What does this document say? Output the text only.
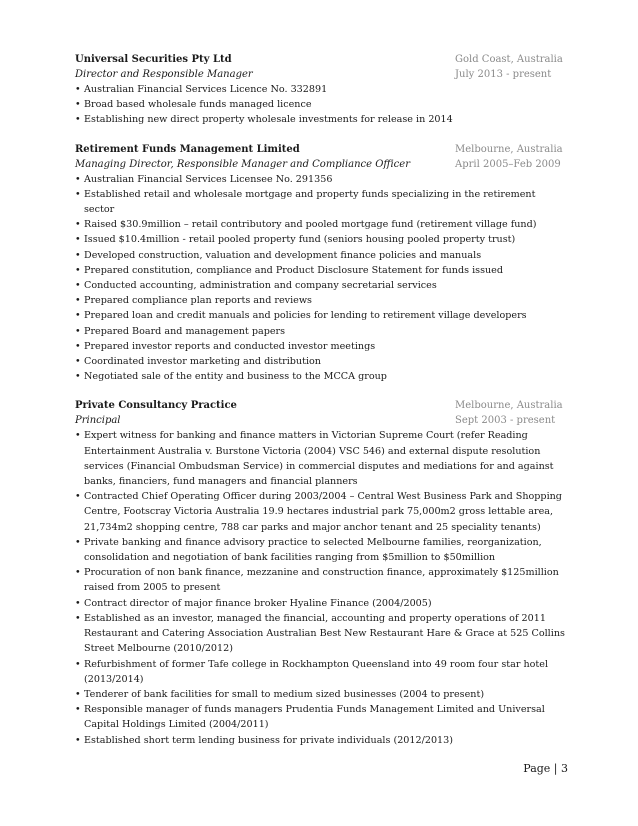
Universal Securities Pty Ltd	Gold Coast, Australia
Director and Responsible Manager	July 2013 - present
• Australian Financial Services Licence No. 332891
• Broad based wholesale funds managed licence
• Establishing new direct property wholesale investments for release in 2014
Retirement Funds Management Limited	Melbourne, Australia
Managing Director, Responsible Manager and Compliance Officer	April 2005–Feb 2009
• Australian Financial Services Licensee No. 291356
• Established retail and wholesale mortgage and property funds specializing in the retirement sector
• Raised $30.9million – retail contributory and pooled mortgage fund (retirement village fund)
• Issued $10.4million - retail pooled property fund (seniors housing pooled property trust)
• Developed construction, valuation and development finance policies and manuals
• Prepared constitution, compliance and Product Disclosure Statement for funds issued
• Conducted accounting, administration and company secretarial services
• Prepared compliance plan reports and reviews
• Prepared loan and credit manuals and policies for lending to retirement village developers
• Prepared Board and management papers
• Prepared investor reports and conducted investor meetings
• Coordinated investor marketing and distribution
• Negotiated sale of the entity and business to the MCCA group
Private Consultancy Practice	Melbourne, Australia
Principal	Sept 2003 - present
• Expert witness for banking and finance matters in Victorian Supreme Court (refer Reading Entertainment Australia v. Burstone Victoria (2004) VSC 546) and external dispute resolution services (Financial Ombudsman Service) in commercial disputes and mediations for and against banks, financiers, fund managers and financial planners
• Contracted Chief Operating Officer during 2003/2004 – Central West Business Park and Shopping Centre, Footscray Victoria Australia 19.9 hectares industrial park 75,000m2 gross lettable area, 21,734m2 shopping centre, 788 car parks and major anchor tenant and 25 speciality tenants)
• Private banking and finance advisory practice to selected Melbourne families, reorganization, consolidation and negotiation of bank facilities ranging from $5million to $50million
• Procuration of non bank finance, mezzanine and construction finance, approximately $125million raised from 2005 to present
• Contract director of major finance broker Hyaline Finance (2004/2005)
• Established as an investor, managed the financial, accounting and property operations of 2011 Restaurant and Catering Association Australian Best New Restaurant Hare & Grace at 525 Collins Street Melbourne (2010/2012)
• Refurbishment of former Tafe college in Rockhampton Queensland into 49 room four star hotel (2013/2014)
• Tenderer of bank facilities for small to medium sized businesses (2004 to present)
• Responsible manager of funds managers Prudentia Funds Management Limited and Universal Capital Holdings Limited (2004/2011)
• Established short term lending business for private individuals (2012/2013)
Page | 3
